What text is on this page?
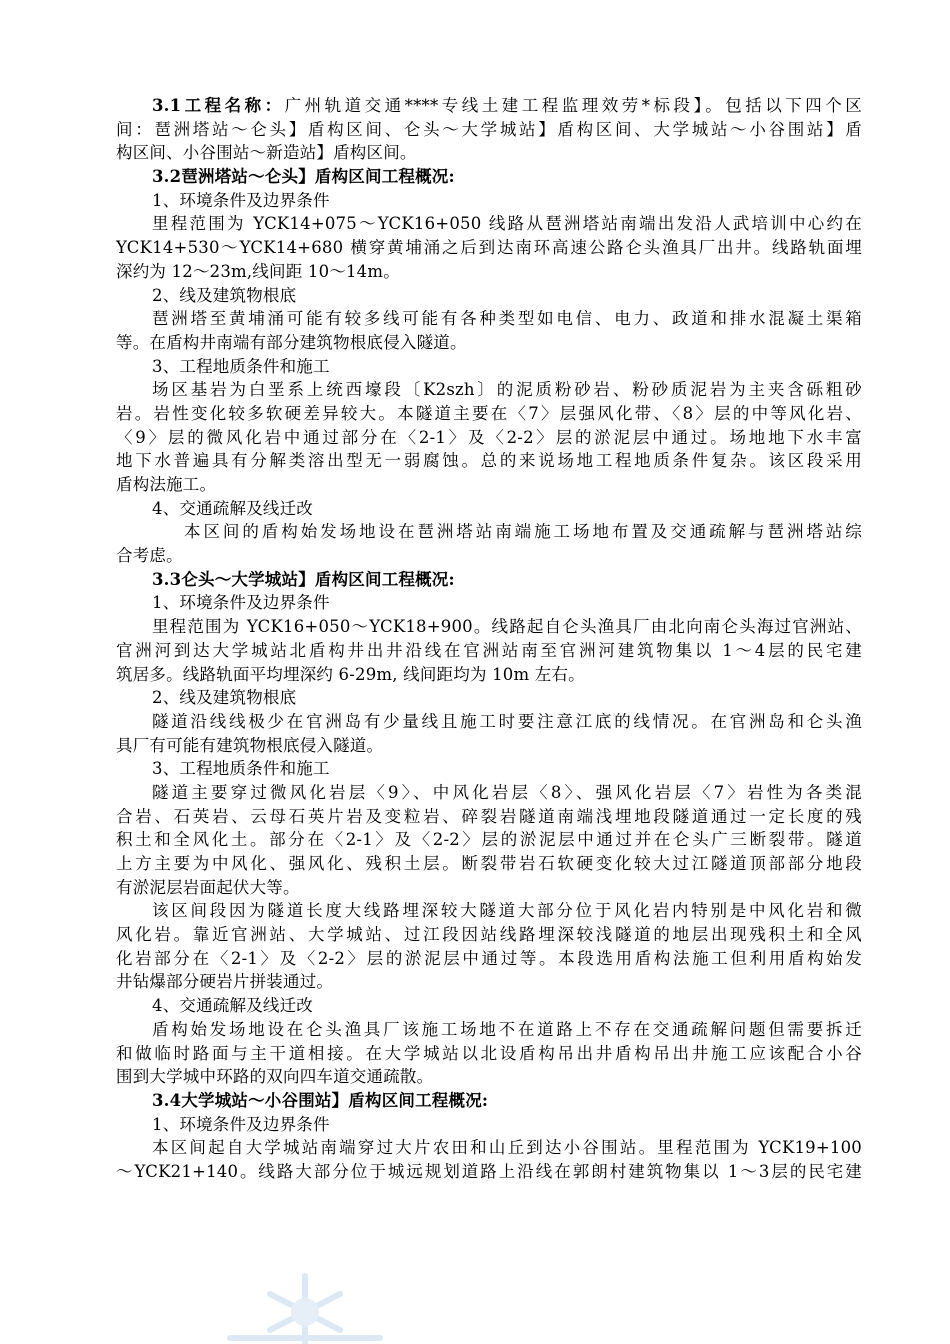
3.1工程名称：广州轨道交通****专线土建工程监理效劳*标段】。包括以下四个区
间：琶洲塔站～仑头】盾构区间、仑头～大学城站】盾构区间、大学城站～小谷围站】盾
构区间、小谷围站～新造站】盾构区间。
3.2琶洲塔站～仑头】盾构区间工程概况:
1、环境条件及边界条件
里程范围为 YCK14+075～YCK16+050 线路从琶洲塔站南端出发沿人武培训中心约在
YCK14+530～YCK14+680 横穿黄埔涌之后到达南环高速公路仑头渔具厂出井。线路轨面埋
深约为 12～23m,线间距 10～14m。
2、线及建筑物根底
琶洲塔至黄埔涌可能有较多线可能有各种类型如电信、电力、政道和排水混凝土渠箱
等。在盾构井南端有部分建筑物根底侵入隧道。
3、工程地质条件和施工
场区基岩为白垩系上统西壕段〔K2szh〕的泥质粉砂岩、粉砂质泥岩为主夹含砾粗砂
岩。岩性变化较多软硬差异较大。本隧道主要在〈7〉层强风化带、〈8〉层的中等风化岩、
〈9〉层的微风化岩中通过部分在〈2-1〉及〈2-2〉层的淤泥层中通过。场地地下水丰富
地下水普遍具有分解类溶出型无一弱腐蚀。总的来说场地工程地质条件复杂。该区段采用
盾构法施工。
4、交通疏解及线迁改
本区间的盾构始发场地设在琶洲塔站南端施工场地布置及交通疏解与琶洲塔站综
合考虑。
3.3仑头～大学城站】盾构区间工程概况:
1、环境条件及边界条件
里程范围为 YCK16+050～YCK18+900。线路起自仑头渔具厂由北向南仑头海过官洲站、
官洲河到达大学城站北盾构井出井沿线在官洲站南至官洲河建筑物集以 1～4层的民宅建
筑居多。线路轨面平均埋深约 6-29m, 线间距均为 10m 左右。
2、线及建筑物根底
隧道沿线线极少在官洲岛有少量线且施工时要注意江底的线情况。在官洲岛和仑头渔
具厂有可能有建筑物根底侵入隧道。
3、工程地质条件和施工
隧道主要穿过微风化岩层〈9〉、中风化岩层〈8〉、强风化岩层〈7〉岩性为各类混
合岩、石英岩、云母石英片岩及变粒岩、碎裂岩隧道南端浅埋地段隧道通过一定长度的残
积土和全风化土。部分在〈2-1〉及〈2-2〉层的淤泥层中通过并在仑头广三断裂带。隧道
上方主要为中风化、强风化、残积土层。断裂带岩石软硬变化较大过江隧道顶部部分地段
有淤泥层岩面起伏大等。
该区间段因为隧道长度大线路埋深较大隧道大部分位于风化岩内特别是中风化岩和微
风化岩。靠近官洲站、大学城站、过江段因站线路埋深较浅隧道的地层出现残积土和全风
化岩部分在〈2-1〉及〈2-2〉层的淤泥层中通过等。本段选用盾构法施工但利用盾构始发
井钻爆部分硬岩片拼装通过。
4、交通疏解及线迁改
盾构始发场地设在仑头渔具厂该施工场地不在道路上不存在交通疏解问题但需要拆迁
和做临时路面与主干道相接。在大学城站以北设盾构吊出井盾构吊出井施工应该配合小谷
围到大学城中环路的双向四车道交通疏散。
3.4大学城站～小谷围站】盾构区间工程概况:
1、环境条件及边界条件
本区间起自大学城站南端穿过大片农田和山丘到达小谷围站。里程范围为 YCK19+100
～YCK21+140。线路大部分位于城远规划道路上沿线在郭朗村建筑物集以 1～3层的民宅建
